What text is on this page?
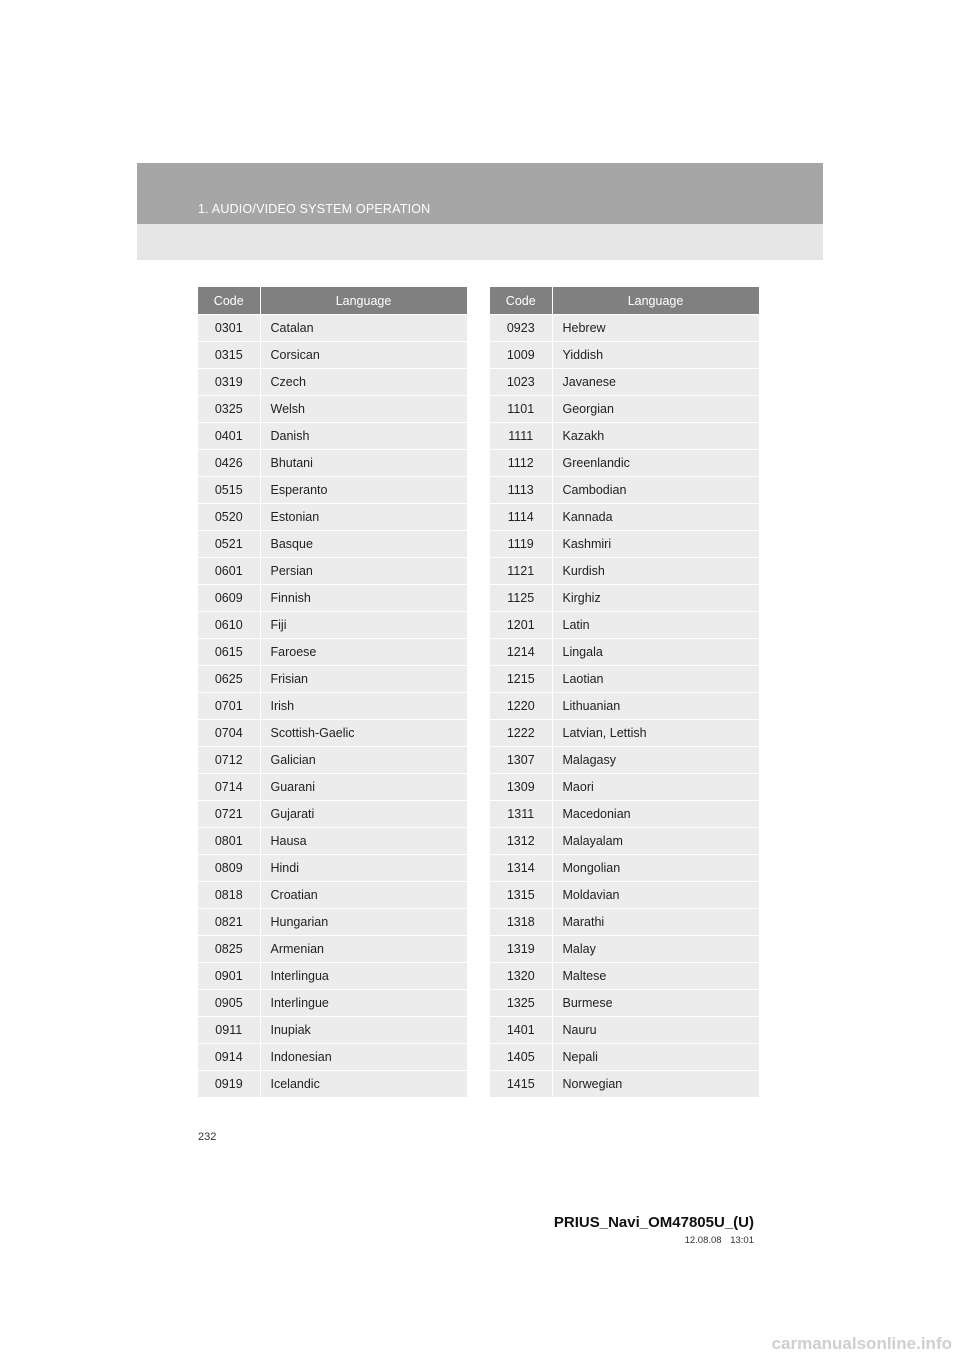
1. AUDIO/VIDEO SYSTEM OPERATION
Code	Language
0301	Catalan
0315	Corsican
0319	Czech
0325	Welsh
0401	Danish
0426	Bhutani
0515	Esperanto
0520	Estonian
0521	Basque
0601	Persian
0609	Finnish
0610	Fiji
0615	Faroese
0625	Frisian
0701	Irish
0704	Scottish-Gaelic
0712	Galician
0714	Guarani
0721	Gujarati
0801	Hausa
0809	Hindi
0818	Croatian
0821	Hungarian
0825	Armenian
0901	Interlingua
0905	Interlingue
0911	Inupiak
0914	Indonesian
0919	Icelandic
Code	Language
0923	Hebrew
1009	Yiddish
1023	Javanese
1101	Georgian
1111	Kazakh
1112	Greenlandic
1113	Cambodian
1114	Kannada
1119	Kashmiri
1121	Kurdish
1125	Kirghiz
1201	Latin
1214	Lingala
1215	Laotian
1220	Lithuanian
1222	Latvian, Lettish
1307	Malagasy
1309	Maori
1311	Macedonian
1312	Malayalam
1314	Mongolian
1315	Moldavian
1318	Marathi
1319	Malay
1320	Maltese
1325	Burmese
1401	Nauru
1405	Nepali
1415	Norwegian
232
PRIUS_Navi_OM47805U_(U)
12.08.08 13:01
carmanualsonline.info
